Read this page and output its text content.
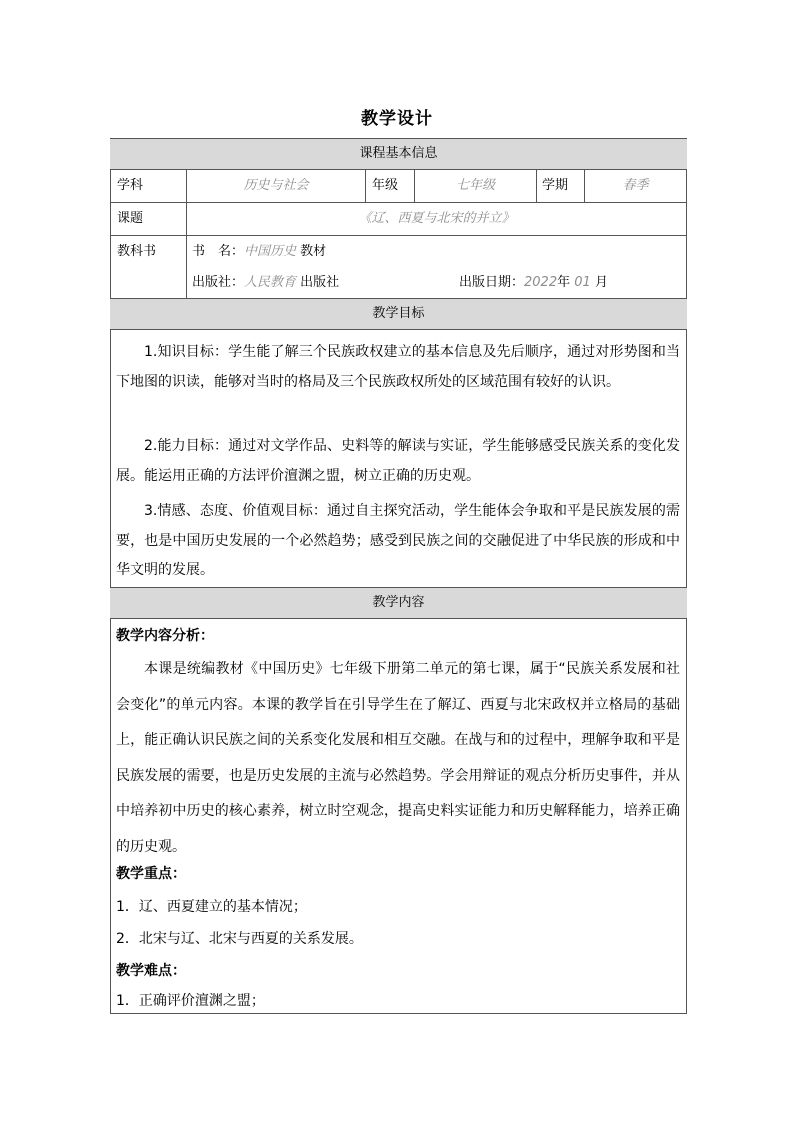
教学设计
课程基本信息
教学目标
教学内容
学科	历史与社会	年级	七年级	学期	春季
课题	《辽、西夏与北宋的并立》
教科书	书　名：中国历史 教材
出版社：人民教育 出版社	出版日期：2022年 01 月
1.知识目标：学生能了解三个民族政权建立的基本信息及先后顺序，通过对形势图和当下地图的识读，能够对当时的格局及三个民族政权所处的区域范围有较好的认识。
2.能力目标：通过对文学作品、史料等的解读与实证，学生能够感受民族关系的变化发展。能运用正确的方法评价澶渊之盟，树立正确的历史观。
3.情感、态度、价值观目标：通过自主探究活动，学生能体会争取和平是民族发展的需要，也是中国历史发展的一个必然趋势；感受到民族之间的交融促进了中华民族的形成和中华文明的发展。
教学内容分析：
本课是统编教材《中国历史》七年级下册第二单元的第七课，属于“民族关系发展和社会变化”的单元内容。本课的教学旨在引导学生在了解辽、西夏与北宋政权并立格局的基础上，能正确认识民族之间的关系变化发展和相互交融。在战与和的过程中，理解争取和平是民族发展的需要，也是历史发展的主流与必然趋势。学会用辩证的观点分析历史事件，并从中培养初中历史的核心素养，树立时空观念，提高史料实证能力和历史解释能力，培养正确的历史观。
教学重点：
1．辽、西夏建立的基本情况；
2．北宋与辽、北宋与西夏的关系发展。
教学难点：
1．正确评价澶渊之盟；
